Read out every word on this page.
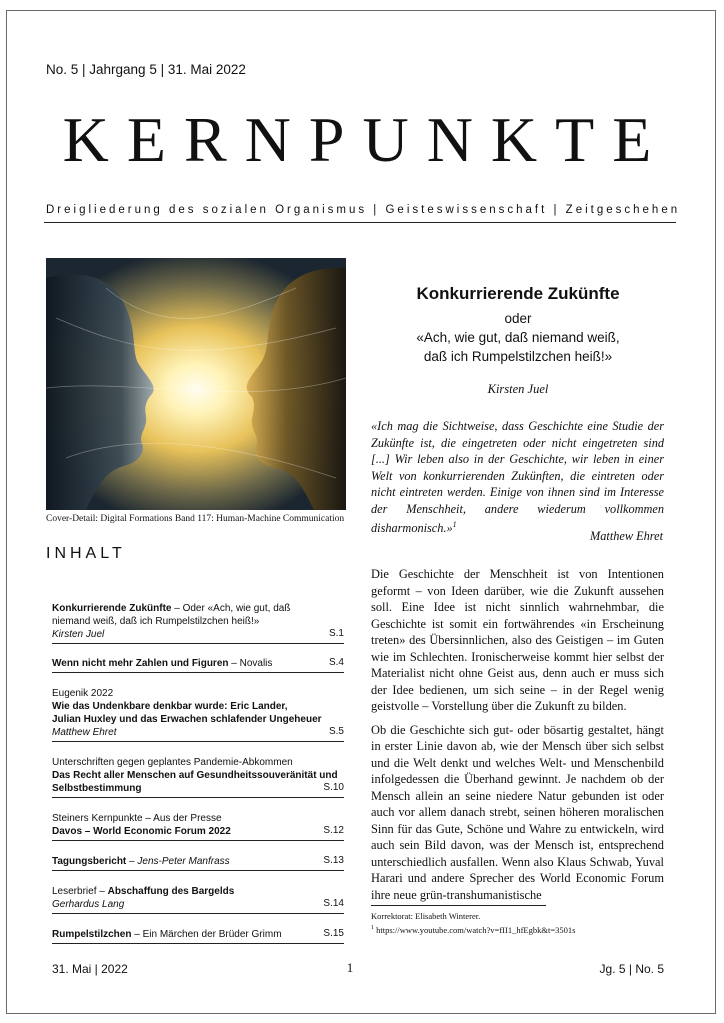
No. 5 | Jahrgang 5 | 31. Mai 2022
KERNPUNKTE
Dreigliederung des sozialen Organismus | Geisteswissenschaft | Zeitgeschehen
Cover-Detail: Digital Formations Band 117: Human-Machine Communication
INHALT
Konkurrierende Zukünfte – Oder «Ach, wie gut, daß
niemand weiß, daß ich Rumpelstilzchen heiß!»
Kirsten Juel	S.1
Wenn nicht mehr Zahlen und Figuren – Novalis	S.4
Eugenik 2022
Wie das Undenkbare denkbar wurde: Eric Lander,
Julian Huxley und das Erwachen schlafender Ungeheuer
Matthew Ehret	S.5
Unterschriften gegen geplantes Pandemie-Abkommen
Das Recht aller Menschen auf Gesundheitssouveränität und
Selbstbestimmung	S.10
Steiners Kernpunkte – Aus der Presse
Davos – World Economic Forum 2022	S.12
Tagungsbericht – Jens-Peter Manfrass	S.13
Leserbrief – Abschaffung des Bargelds
Gerhardus Lang	S.14
Rumpelstilzchen – Ein Märchen der Brüder Grimm	S.15
Konkurrierende Zukünfte
oder
«Ach, wie gut, daß niemand weiß,
daß ich Rumpelstilzchen heiß!»
Kirsten Juel
«Ich mag die Sichtweise, dass Geschichte eine Studie der Zukünfte ist, die eingetreten oder nicht eingetreten sind [...] Wir leben also in der Geschichte, wir leben in einer Welt von konkurrierenden Zukünften, die eintreten oder nicht eintreten werden. Einige von ihnen sind im Interesse der Menschheit, andere wiederum vollkommen disharmonisch.»$^1$
Matthew Ehret

Die Geschichte der Menschheit ist von Intentionen geformt – von Ideen darüber, wie die Zukunft aussehen soll. Eine Idee ist nicht sinnlich wahrnehmbar, die Geschichte ist somit ein fortwährendes «in Erscheinung treten» des Übersinnlichen, also des Geistigen – im Guten wie im Schlechten. Ironischerweise kommt hier selbst der Materialist nicht ohne Geist aus, denn auch er muss sich der Idee bedienen, um sich seine – in der Regel wenig geistvolle – Vorstellung über die Zukunft zu bilden.

Ob die Geschichte sich gut- oder bösartig gestaltet, hängt in erster Linie davon ab, wie der Mensch über sich selbst und die Welt denkt und welches Welt- und Menschenbild infolgedessen die Überhand gewinnt. Je nachdem ob der Mensch allein an seine niedere Natur gebunden ist oder auch vor allem danach strebt, seinen höheren moralischen Sinn für das Gute, Schöne und Wahre zu entwickeln, wird auch sein Bild davon, was der Mensch ist, entsprechend unterschiedlich ausfallen. Wenn also Klaus Schwab, Yuval Harari und andere Sprecher des World Economic Forum ihre neue grün-transhumanistische

Korrektorat: Elisabeth Winterer.
$^1$ https://www.youtube.com/watch?v=fII1_hfEgbk&t=3501s
31. Mai | 2022	1	Jg. 5 | No. 5
